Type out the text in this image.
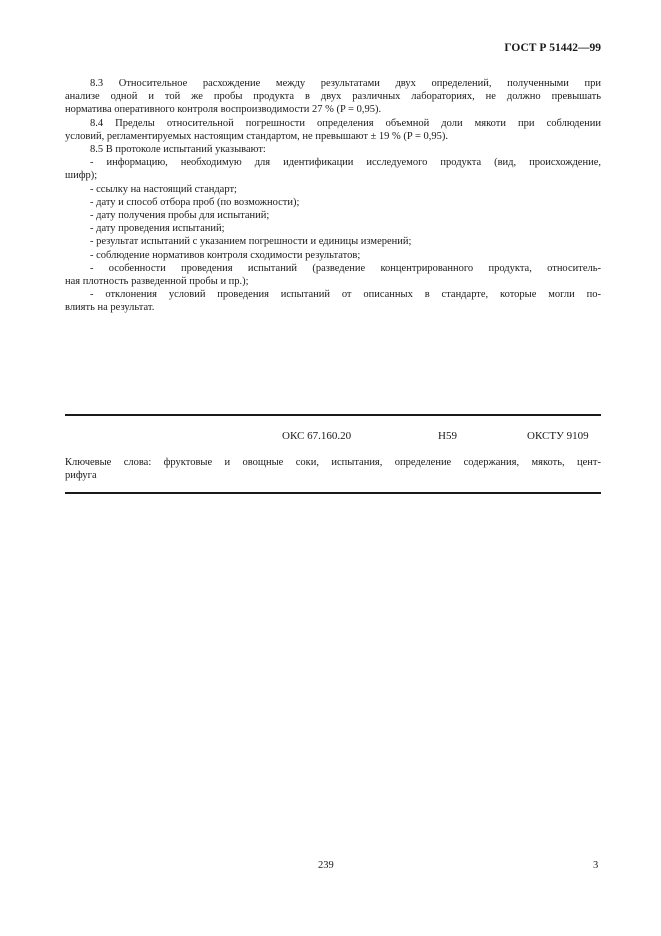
ГОСТ Р 51442—99

8.3 Относительное расхождение между результатами двух определений, полученными при

анализе одной и той же пробы продукта в двух различных лабораториях, не должно превышать

норматива оперативного контроля воспроизводимости 27 % (P = 0,95).

8.4 Пределы относительной погрешности определения объемной доли мякоти при соблюдении

условий, регламентируемых настоящим стандартом, не превышают ± 19 % (P = 0,95).

8.5 В протоколе испытаний указывают:

- информацию, необходимую для идентификации исследуемого продукта (вид, происхождение,

шифр);

- ссылку на настоящий стандарт;

- дату и способ отбора проб (по возможности);

- дату получения пробы для испытаний;

- дату проведения испытаний;

- результат испытаний с указанием погрешности и единицы измерений;

- соблюдение нормативов контроля сходимости результатов;

- особенности проведения испытаний (разведение концентрированного продукта, относитель-

ная плотность разведенной пробы и пр.);

- отклонения условий проведения испытаний от описанных в стандарте, которые могли по-

влиять на результат.

ОКС 67.160.20	Н59	ОКСТУ 9109

Ключевые слова: фруктовые и овощные соки, испытания, определение содержания, мякоть, цент-

рифуга

239	3
